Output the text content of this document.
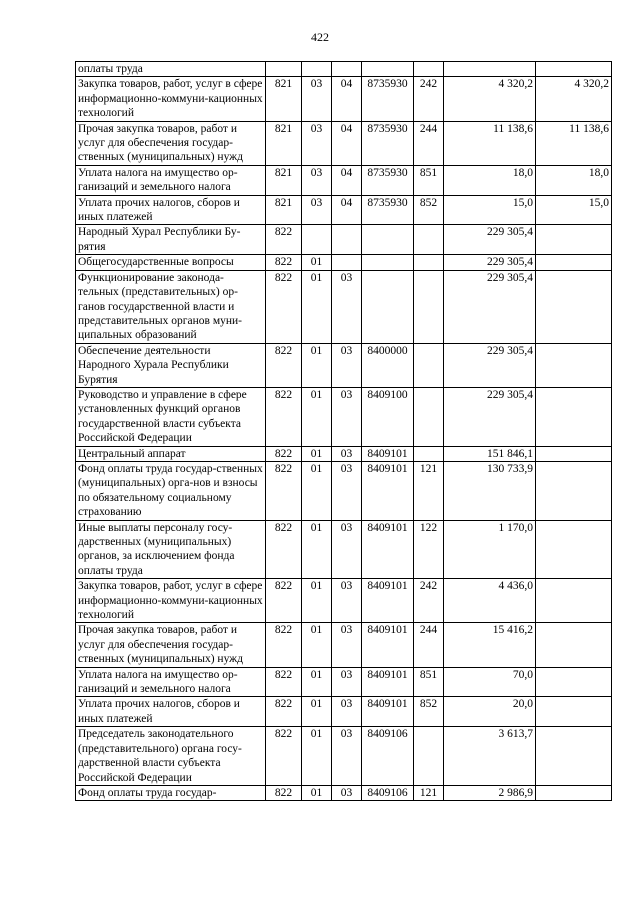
422
оплаты труда							
Закупка товаров, работ, услуг в сфере информационно-коммуни-кационных технологий	821	03	04	8735930	242	4 320,2	4 320,2
Прочая закупка товаров, работ и услуг для обеспечения государ-ственных (муниципальных) нужд	821	03	04	8735930	244	11 138,6	11 138,6
Уплата налога на имущество ор-ганизаций и земельного налога	821	03	04	8735930	851	18,0	18,0
Уплата прочих налогов, сборов и иных платежей	821	03	04	8735930	852	15,0	15,0
Народный Хурал Республики Бу-рятия	822					229 305,4	
Общегосударственные вопросы	822	01				229 305,4	
Функционирование законода-тельных (представительных) ор-ганов государственной власти и представительных органов муни-ципальных образований	822	01	03			229 305,4	
Обеспечение деятельности Народного Хурала Республики Бурятия	822	01	03	8400000		229 305,4	
Руководство и управление в сфере установленных функций органов государственной власти субъекта Российской Федерации	822	01	03	8409100		229 305,4	
Центральный аппарат	822	01	03	8409101		151 846,1	
Фонд оплаты труда государ-ственных (муниципальных) орга-нов и взносы по обязательному социальному страхованию	822	01	03	8409101	121	130 733,9	
Иные выплаты персоналу госу-дарственных (муниципальных) органов, за исключением фонда оплаты труда	822	01	03	8409101	122	1 170,0	
Закупка товаров, работ, услуг в сфере информационно-коммуни-кационных технологий	822	01	03	8409101	242	4 436,0	
Прочая закупка товаров, работ и услуг для обеспечения государ-ственных (муниципальных) нужд	822	01	03	8409101	244	15 416,2	
Уплата налога на имущество ор-ганизаций и земельного налога	822	01	03	8409101	851	70,0	
Уплата прочих налогов, сборов и иных платежей	822	01	03	8409101	852	20,0	
Председатель законодательного (представительного) органа госу-дарственной власти субъекта Российской Федерации	822	01	03	8409106		3 613,7	
Фонд оплаты труда государ-	822	01	03	8409106	121	2 986,9	
